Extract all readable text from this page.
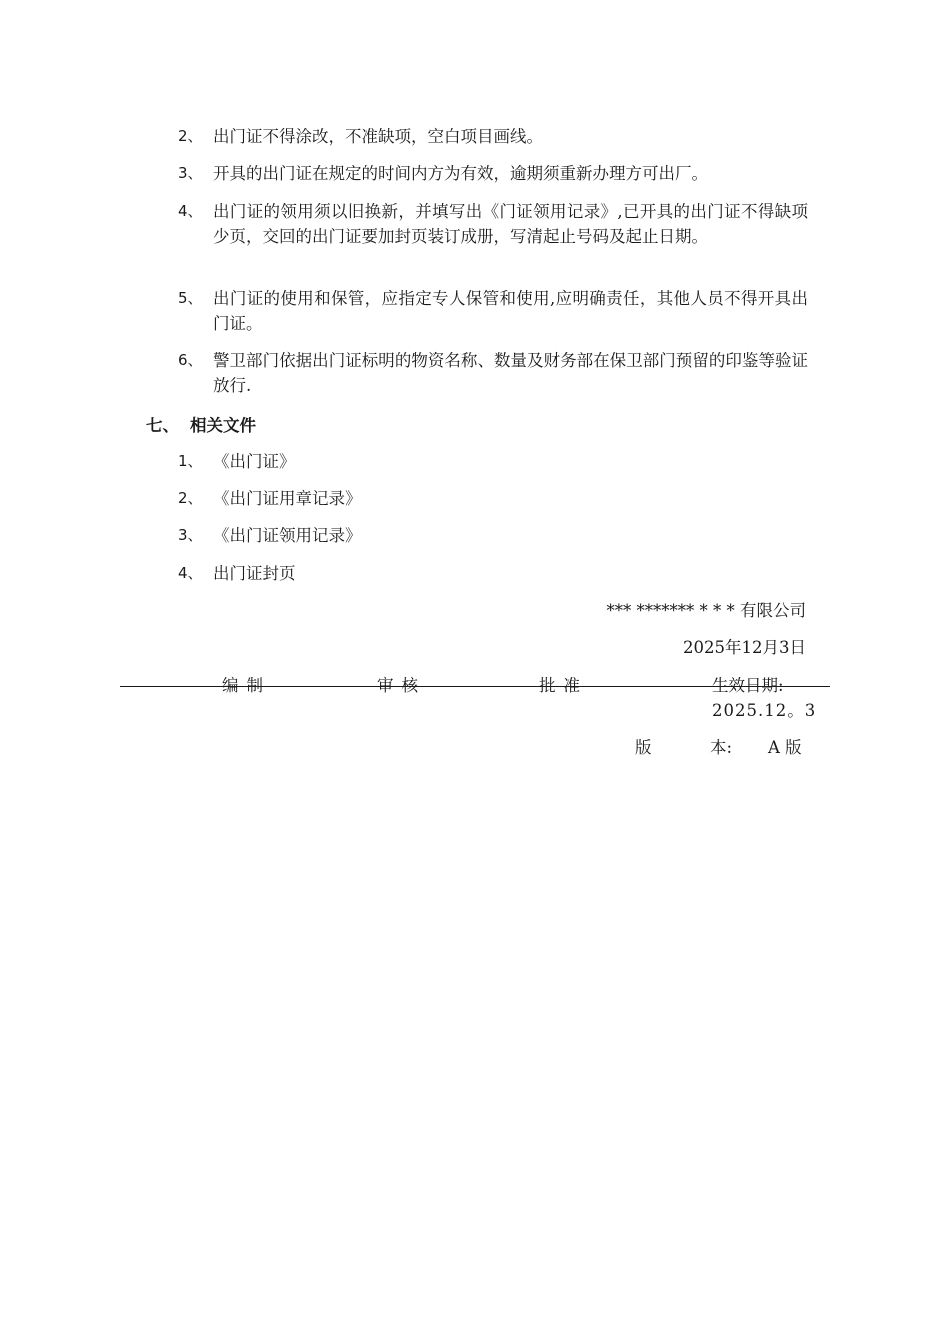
2、 出门证不得涂改，不准缺项，空白项目画线。
3、 开具的出门证在规定的时间内方为有效，逾期须重新办理方可出厂。
4、 出门证的领用须以旧换新，并填写出《门证领用记录》,已开具的出门证不得缺项少页，交回的出门证要加封页装订成册，写清起止号码及起止日期。
5、 出门证的使用和保管，应指定专人保管和使用,应明确责任，其他人员不得开具出门证。
6、 警卫部门依据出门证标明的物资名称、数量及财务部在保卫部门预留的印鉴等验证放行.
七、 相关文件
1、 《出门证》
2、 《出门证用章记录》
3、 《出门证领用记录》
4、 出门证封页
*** ******* * * * 有限公司
2025年12月3日
编制	审核	批准	生效日期:
2025.12。3
版	本: A 版
